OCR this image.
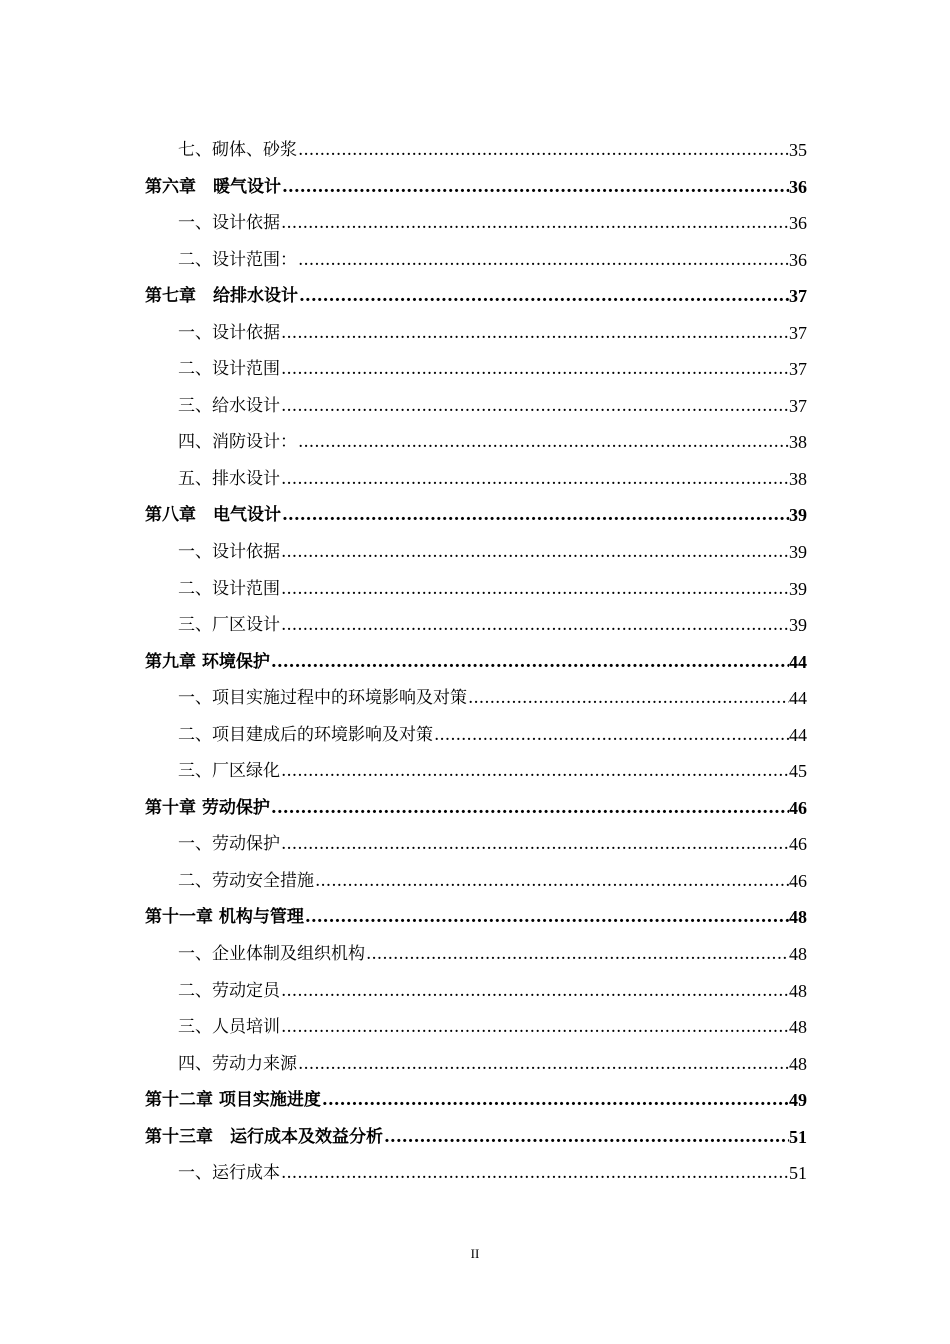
七、砌体、砂浆 .....	35
第六章　暖气设计 .....	36
一、设计依据 .....	36
二、设计范围： .....	36
第七章　给排水设计 .....	37
一、设计依据 .....	37
二、设计范围 .....	37
三、给水设计 .....	37
四、消防设计： .....	38
五、排水设计 .....	38
第八章　电气设计 .....	39
一、设计依据 .....	39
二、设计范围 .....	39
三、厂区设计 .....	39
第九章 环境保护 .....	44
一、项目实施过程中的环境影响及对策 .....	44
二、项目建成后的环境影响及对策 .....	44
三、厂区绿化 .....	45
第十章 劳动保护 .....	46
一、劳动保护 .....	46
二、劳动安全措施 .....	46
第十一章 机构与管理 .....	48
一、企业体制及组织机构 .....	48
二、劳动定员 .....	48
三、人员培训 .....	48
四、劳动力来源 .....	48
第十二章 项目实施进度 .....	49
第十三章　运行成本及效益分析 .....	51
一、运行成本 .....	51
II
